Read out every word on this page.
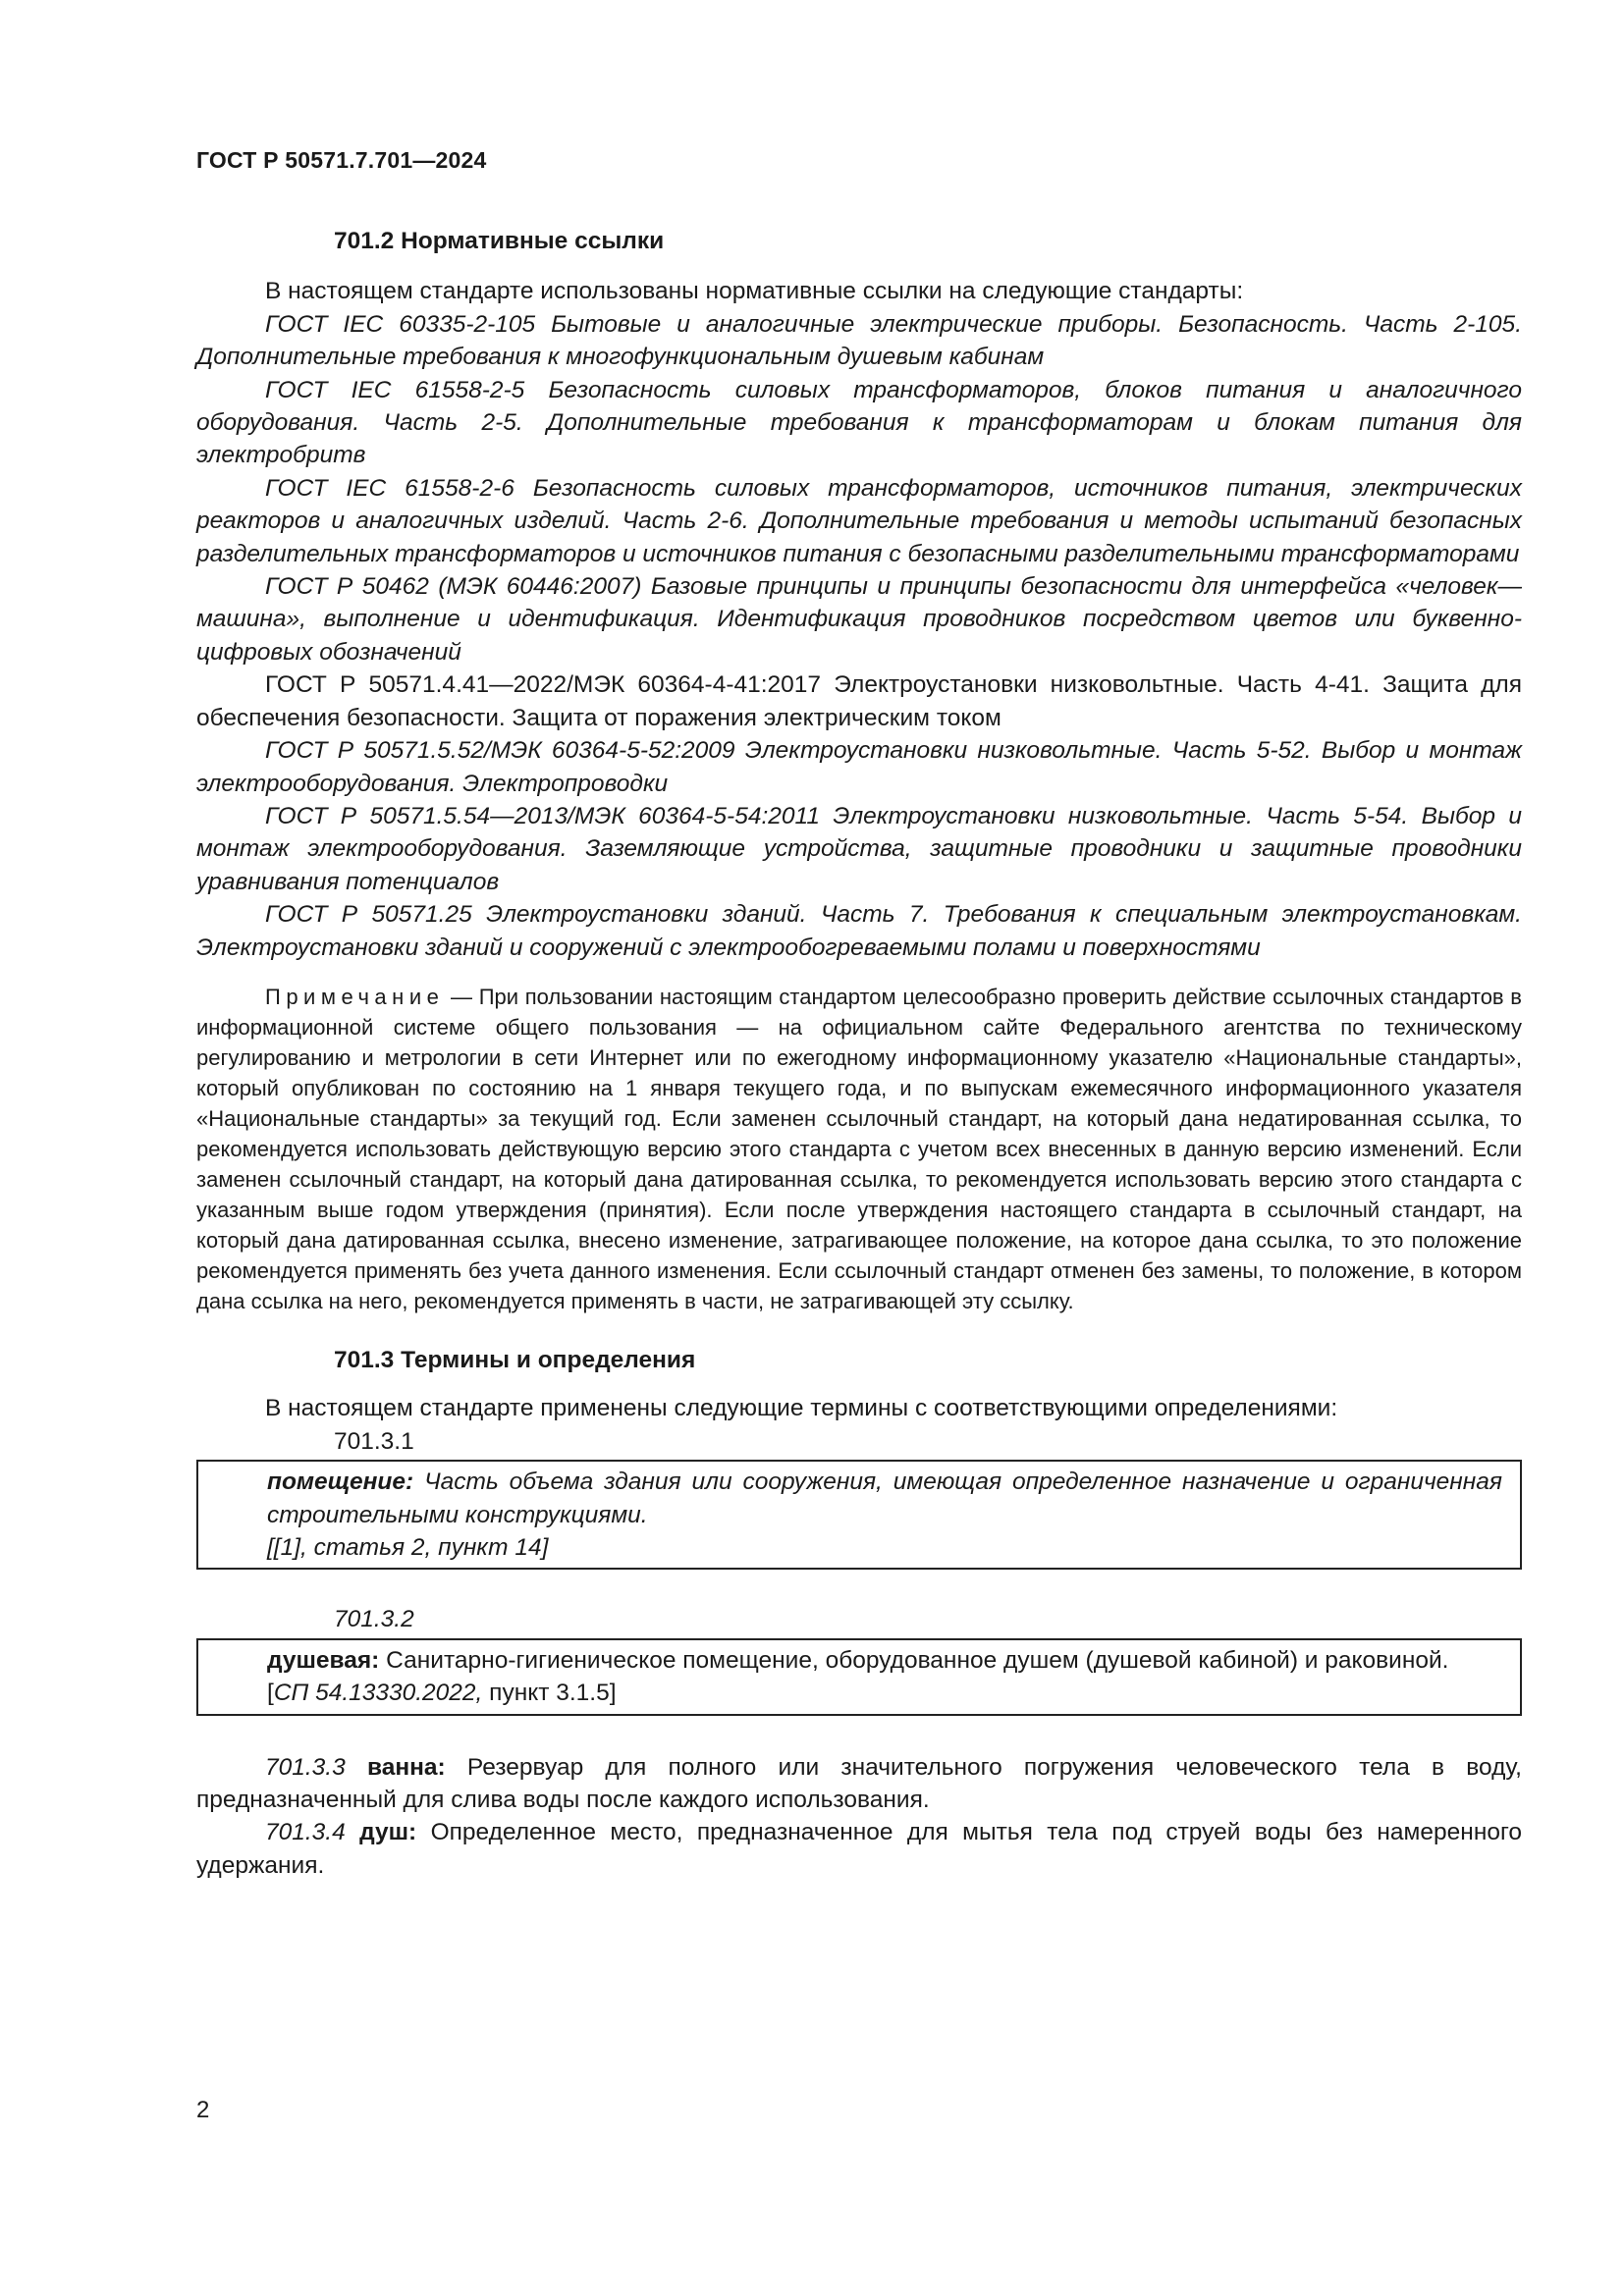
ГОСТ Р 50571.7.701—2024

701.2 Нормативные ссылки

В настоящем стандарте использованы нормативные ссылки на следующие стандарты:

ГОСТ IEC 60335-2-105 Бытовые и аналогичные электрические приборы. Безопасность. Часть 2-105. Дополнительные требования к многофункциональным душевым кабинам

ГОСТ IEC 61558-2-5 Безопасность силовых трансформаторов, блоков питания и аналогичного оборудования. Часть 2-5. Дополнительные требования к трансформаторам и блокам питания для электробритв

ГОСТ IEC 61558-2-6 Безопасность силовых трансформаторов, источников питания, электрических реакторов и аналогичных изделий. Часть 2-6. Дополнительные требования и методы испытаний безопасных разделительных трансформаторов и источников питания с безопасными разделительными трансформаторами

ГОСТ Р 50462 (МЭК 60446:2007) Базовые принципы и принципы безопасности для интерфейса «человек—машина», выполнение и идентификация. Идентификация проводников посредством цветов или буквенно-цифровых обозначений

ГОСТ Р 50571.4.41—2022/МЭК 60364-4-41:2017 Электроустановки низковольтные. Часть 4-41. Защита для обеспечения безопасности. Защита от поражения электрическим током

ГОСТ Р 50571.5.52/МЭК 60364-5-52:2009 Электроустановки низковольтные. Часть 5-52. Выбор и монтаж электрооборудования. Электропроводки

ГОСТ Р 50571.5.54—2013/МЭК 60364-5-54:2011 Электроустановки низковольтные. Часть 5-54. Выбор и монтаж электрооборудования. Заземляющие устройства, защитные проводники и защитные проводники уравнивания потенциалов

ГОСТ Р 50571.25 Электроустановки зданий. Часть 7. Требования к специальным электроустановкам. Электроустановки зданий и сооружений с электрообогреваемыми полами и поверхностями

Примечание — При пользовании настоящим стандартом целесообразно проверить действие ссылочных стандартов в информационной системе общего пользования — на официальном сайте Федерального агентства по техническому регулированию и метрологии в сети Интернет или по ежегодному информационному указателю «Национальные стандарты», который опубликован по состоянию на 1 января текущего года, и по выпускам ежемесячного информационного указателя «Национальные стандарты» за текущий год. Если заменен ссылочный стандарт, на который дана недатированная ссылка, то рекомендуется использовать действующую версию этого стандарта с учетом всех внесенных в данную версию изменений. Если заменен ссылочный стандарт, на который дана датированная ссылка, то рекомендуется использовать версию этого стандарта с указанным выше годом утверждения (принятия). Если после утверждения настоящего стандарта в ссылочный стандарт, на который дана датированная ссылка, внесено изменение, затрагивающее положение, на которое дана ссылка, то это положение рекомендуется применять без учета данного изменения. Если ссылочный стандарт отменен без замены, то положение, в котором дана ссылка на него, рекомендуется применять в части, не затрагивающей эту ссылку.

701.3 Термины и определения

В настоящем стандарте применены следующие термины с соответствующими определениями:

701.3.1

помещение: Часть объема здания или сооружения, имеющая определенное назначение и ограниченная строительными конструкциями.

[[1], статья 2, пункт 14]

701.3.2

душевая: Санитарно-гигиеническое помещение, оборудованное душем (душевой кабиной) и раковиной.

[СП 54.13330.2022, пункт 3.1.5]

701.3.3 ванна: Резервуар для полного или значительного погружения человеческого тела в воду, предназначенный для слива воды после каждого использования.

701.3.4 душ: Определенное место, предназначенное для мытья тела под струей воды без намеренного удержания.

2
